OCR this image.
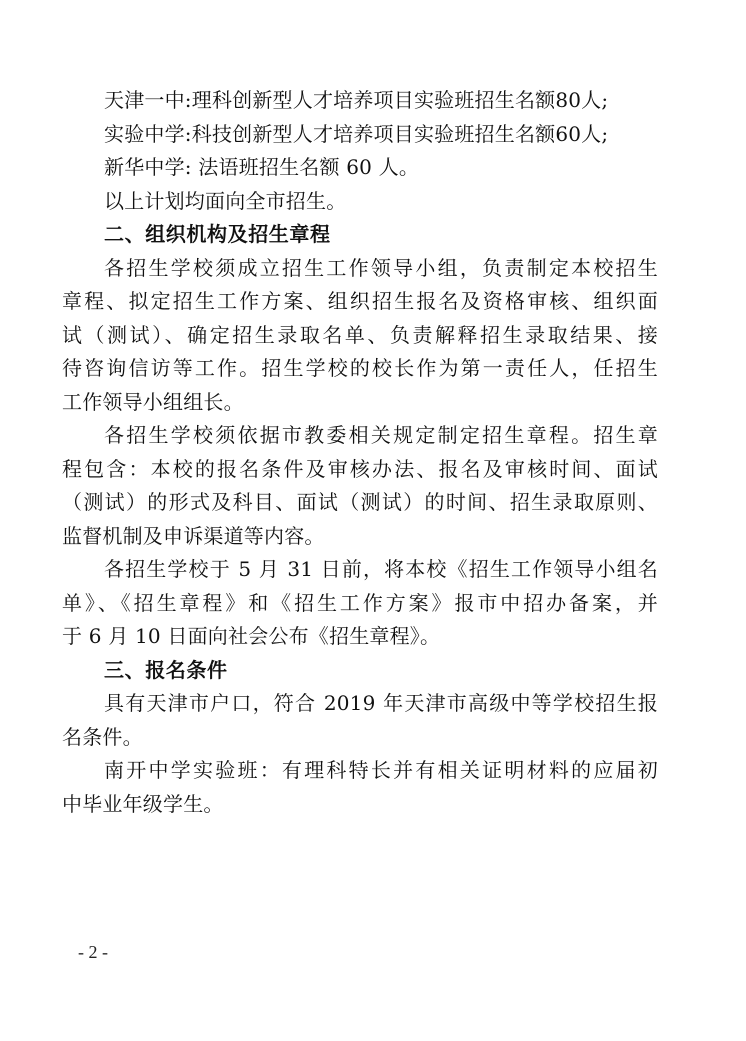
天津一中:理科创新型人才培养项目实验班招生名额80人;
实验中学:科技创新型人才培养项目实验班招生名额60人;
新华中学: 法语班招生名额 60 人。
以上计划均面向全市招生。
二、组织机构及招生章程
各招生学校须成立招生工作领导小组，负责制定本校招生
章程、拟定招生工作方案、组织招生报名及资格审核、组织面
试（测试）、确定招生录取名单、负责解释招生录取结果、接
待咨询信访等工作。招生学校的校长作为第一责任人，任招生
工作领导小组组长。
各招生学校须依据市教委相关规定制定招生章程。招生章
程包含：本校的报名条件及审核办法、报名及审核时间、面试
（测试）的形式及科目、面试（测试）的时间、招生录取原则、
监督机制及申诉渠道等内容。
各招生学校于 5 月 31 日前，将本校《招生工作领导小组名
单》、《招生章程》和《招生工作方案》报市中招办备案，并
于 6 月 10 日面向社会公布《招生章程》。
三、报名条件
具有天津市户口，符合 2019 年天津市高级中等学校招生报
名条件。
南开中学实验班：有理科特长并有相关证明材料的应届初
中毕业年级学生。
- 2 -
